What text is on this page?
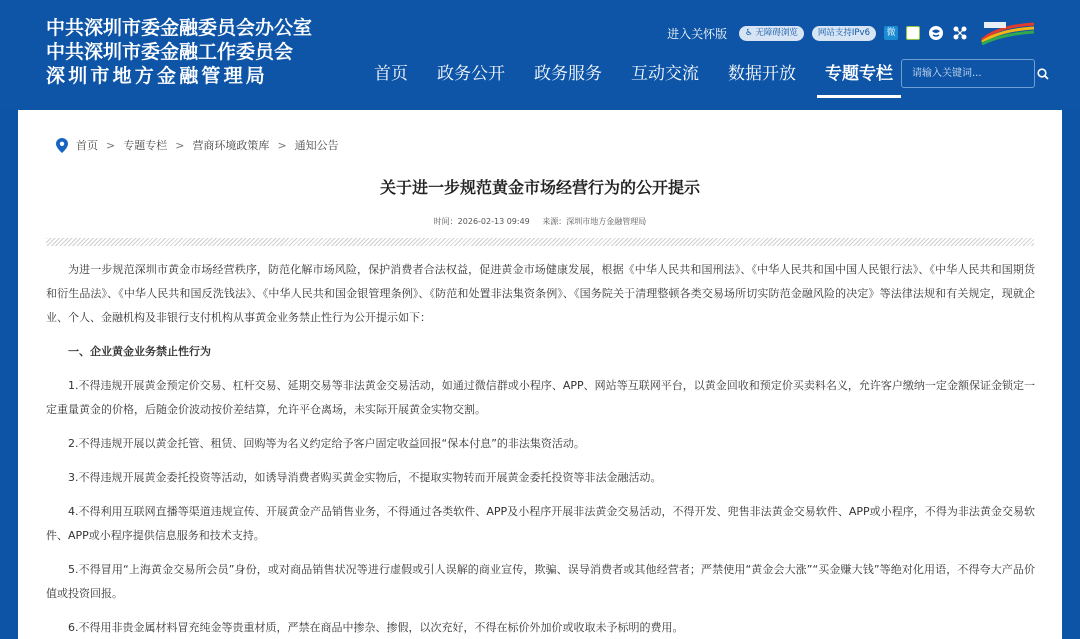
中共深圳市委金融委员会办公室
中共深圳市委金融工作委员会
深圳市地方金融管理局
进入关怀版	♿ 无障碍浏览	网站支持IPv6	微
首页	政务公开	政务服务	互动交流	数据开放	专题专栏
请输入关键词...
首页 > 专题专栏 > 营商环境政策库 > 通知公告
关于进一步规范黄金市场经营行为的公开提示
时间：2026-02-13 09:49 来源：深圳市地方金融管理局

为进一步规范深圳市黄金市场经营秩序，防范化解市场风险，保护消费者合法权益，促进黄金市场健康发展，根据《中华人民共和国刑法》、《中华人民共和国中国人民银行法》、《中华人民共和国期货和衍生品法》、《中华人民共和国反洗钱法》、《中华人民共和国金银管理条例》、《防范和处置非法集资条例》、《国务院关于清理整顿各类交易场所切实防范金融风险的决定》等法律法规和有关规定，现就企业、个人、金融机构及非银行支付机构从事黄金业务禁止性行为公开提示如下：

一、企业黄金业务禁止性行为

1.不得违规开展黄金预定价交易、杠杆交易、延期交易等非法黄金交易活动，如通过微信群或小程序、APP、网站等互联网平台，以黄金回收和预定价买卖料名义，允许客户缴纳一定金额保证金锁定一定重量黄金的价格，后随金价波动按价差结算，允许平仓离场，未实际开展黄金实物交割。

2.不得违规开展以黄金托管、租赁、回购等为名义约定给予客户固定收益回报“保本付息”的非法集资活动。

3.不得违规开展黄金委托投资等活动，如诱导消费者购买黄金实物后，不提取实物转而开展黄金委托投资等非法金融活动。

4.不得利用互联网直播等渠道违规宣传、开展黄金产品销售业务，不得通过各类软件、APP及小程序开展非法黄金交易活动，不得开发、兜售非法黄金交易软件、APP或小程序，不得为非法黄金交易软件、APP或小程序提供信息服务和技术支持。

5.不得冒用“上海黄金交易所会员”身份，或对商品销售状况等进行虚假或引人误解的商业宣传，欺骗、误导消费者或其他经营者；严禁使用“黄金会大涨”“买金赚大钱”等绝对化用语，不得夸大产品价值或投资回报。

6.不得用非贵金属材料冒充纯金等贵重材质，严禁在商品中掺杂、掺假，以次充好，不得在标价外加价或收取未予标明的费用。
